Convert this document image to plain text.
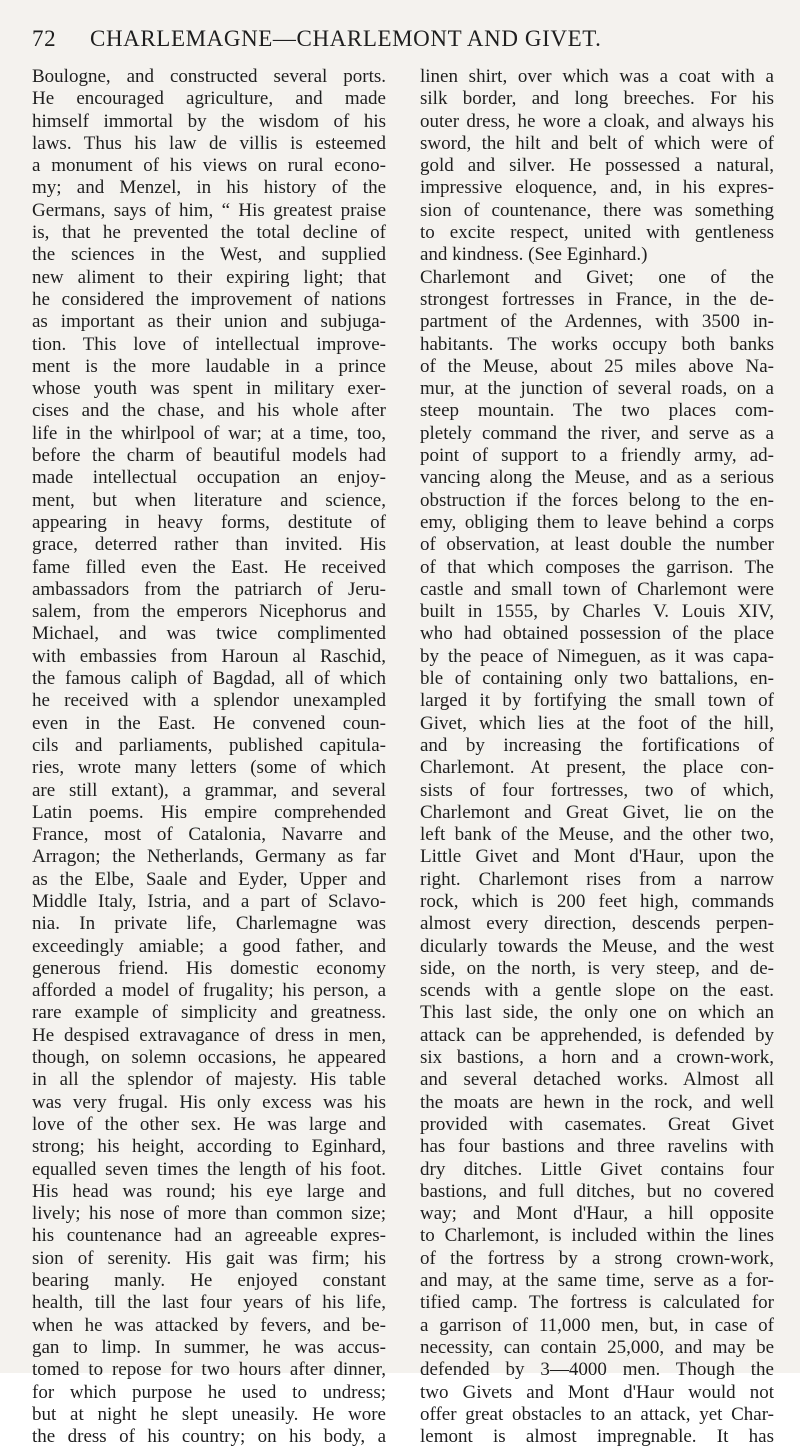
72 CHARLEMAGNE—CHARLEMONT AND GIVET.
Boulogne, and constructed several ports.
He encouraged agriculture, and made
himself immortal by the wisdom of his
laws. Thus his law de villis is esteemed
a monument of his views on rural econo-
my; and Menzel, in his history of the
Germans, says of him, “ His greatest praise
is, that he prevented the total decline of
the sciences in the West, and supplied
new aliment to their expiring light; that
he considered the improvement of nations
as important as their union and subjuga-
tion. This love of intellectual improve-
ment is the more laudable in a prince
whose youth was spent in military exer-
cises and the chase, and his whole after
life in the whirlpool of war; at a time, too,
before the charm of beautiful models had
made intellectual occupation an enjoy-
ment, but when literature and science,
appearing in heavy forms, destitute of
grace, deterred rather than invited. His
fame filled even the East. He received
ambassadors from the patriarch of Jeru-
salem, from the emperors Nicephorus and
Michael, and was twice complimented
with embassies from Haroun al Raschid,
the famous caliph of Bagdad, all of which
he received with a splendor unexampled
even in the East. He convened coun-
cils and parliaments, published capitula-
ries, wrote many letters (some of which
are still extant), a grammar, and several
Latin poems. His empire comprehended
France, most of Catalonia, Navarre and
Arragon; the Netherlands, Germany as far
as the Elbe, Saale and Eyder, Upper and
Middle Italy, Istria, and a part of Sclavo-
nia. In private life, Charlemagne was
exceedingly amiable; a good father, and
generous friend. His domestic economy
afforded a model of frugality; his person, a
rare example of simplicity and greatness.
He despised extravagance of dress in men,
though, on solemn occasions, he appeared
in all the splendor of majesty. His table
was very frugal. His only excess was his
love of the other sex. He was large and
strong; his height, according to Eginhard,
equalled seven times the length of his foot.
His head was round; his eye large and
lively; his nose of more than common size;
his countenance had an agreeable expres-
sion of serenity. His gait was firm; his
bearing manly. He enjoyed constant
health, till the last four years of his life,
when he was attacked by fevers, and be-
gan to limp. In summer, he was accus-
tomed to repose for two hours after dinner,
for which purpose he used to undress;
but at night he slept uneasily. He wore
the dress of his country; on his body, a
linen shirt, over which was a coat with a
silk border, and long breeches. For his
outer dress, he wore a cloak, and always his
sword, the hilt and belt of which were of
gold and silver. He possessed a natural,
impressive eloquence, and, in his expres-
sion of countenance, there was something
to excite respect, united with gentleness
and kindness. (See Eginhard.)
Charlemont and Givet; one of the
strongest fortresses in France, in the de-
partment of the Ardennes, with 3500 in-
habitants. The works occupy both banks
of the Meuse, about 25 miles above Na-
mur, at the junction of several roads, on a
steep mountain. The two places com-
pletely command the river, and serve as a
point of support to a friendly army, ad-
vancing along the Meuse, and as a serious
obstruction if the forces belong to the en-
emy, obliging them to leave behind a corps
of observation, at least double the number
of that which composes the garrison. The
castle and small town of Charlemont were
built in 1555, by Charles V. Louis XIV,
who had obtained possession of the place
by the peace of Nimeguen, as it was capa-
ble of containing only two battalions, en-
larged it by fortifying the small town of
Givet, which lies at the foot of the hill,
and by increasing the fortifications of
Charlemont. At present, the place con-
sists of four fortresses, two of which,
Charlemont and Great Givet, lie on the
left bank of the Meuse, and the other two,
Little Givet and Mont d'Haur, upon the
right. Charlemont rises from a narrow
rock, which is 200 feet high, commands
almost every direction, descends perpen-
dicularly towards the Meuse, and the west
side, on the north, is very steep, and de-
scends with a gentle slope on the east.
This last side, the only one on which an
attack can be apprehended, is defended by
six bastions, a horn and a crown-work,
and several detached works. Almost all
the moats are hewn in the rock, and well
provided with casemates. Great Givet
has four bastions and three ravelins with
dry ditches. Little Givet contains four
bastions, and full ditches, but no covered
way; and Mont d'Haur, a hill opposite
to Charlemont, is included within the lines
of the fortress by a strong crown-work,
and may, at the same time, serve as a for-
tified camp. The fortress is calculated for
a garrison of 11,000 men, but, in case of
necessity, can contain 25,000, and may be
defended by 3—4000 men. Though the
two Givets and Mont d'Haur would not
offer great obstacles to an attack, yet Char-
lemont is almost impregnable. It has
